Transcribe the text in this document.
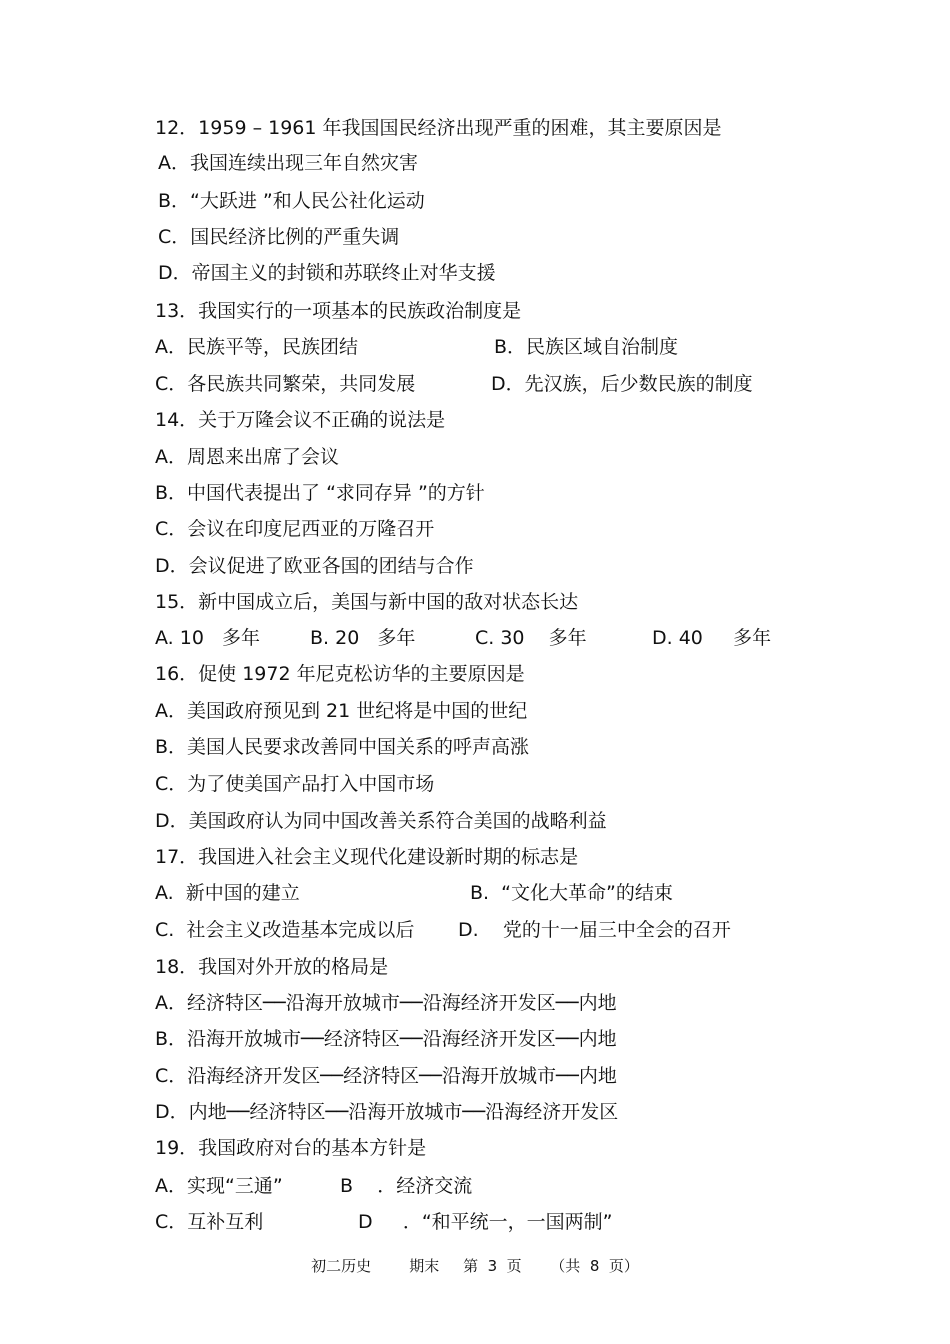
12．1959 – 1961 年我国国民经济出现严重的困难，其主要原因是
A．我国连续出现三年自然灾害
B．“大跃进 ”和人民公社化运动
C．国民经济比例的严重失调
D．帝国主义的封锁和苏联终止对华支援
13．我国实行的一项基本的民族政治制度是
A．民族平等，民族团结	B．民族区域自治制度
C．各民族共同繁荣，共同发展	D．先汉族，后少数民族的制度
14．关于万隆会议不正确的说法是
A．周恩来出席了会议
B．中国代表提出了 “求同存异 ”的方针
C．会议在印度尼西亚的万隆召开
D．会议促进了欧亚各国的团结与合作
15．新中国成立后，美国与新中国的敌对状态长达
A. 10   多年	B. 20   多年	C. 30    多年	D. 40     多年
16．促使 1972 年尼克松访华的主要原因是
A．美国政府预见到 21 世纪将是中国的世纪
B．美国人民要求改善同中国关系的呼声高涨
C．为了使美国产品打入中国市场
D．美国政府认为同中国改善关系符合美国的战略利益
17．我国进入社会主义现代化建设新时期的标志是
A.  新中国的建立	B.  “文化大革命”的结束
C.  社会主义改造基本完成以后 D.    党的十一届三中全会的召开
18．我国对外开放的格局是
A．经济特区──沿海开放城市──沿海经济开发区──内地
B．沿海开放城市──经济特区──沿海经济开发区──内地
C．沿海经济开发区──经济特区──沿海开放城市──内地
D．内地──经济特区──沿海开放城市──沿海经济开发区
19．我国政府对台的基本方针是
A．实现“三通”	B    ．经济交流
C．互补互利	D     ．“和平统一，一国两制”
初二历史        期末     第  3  页      （共  8  页）
